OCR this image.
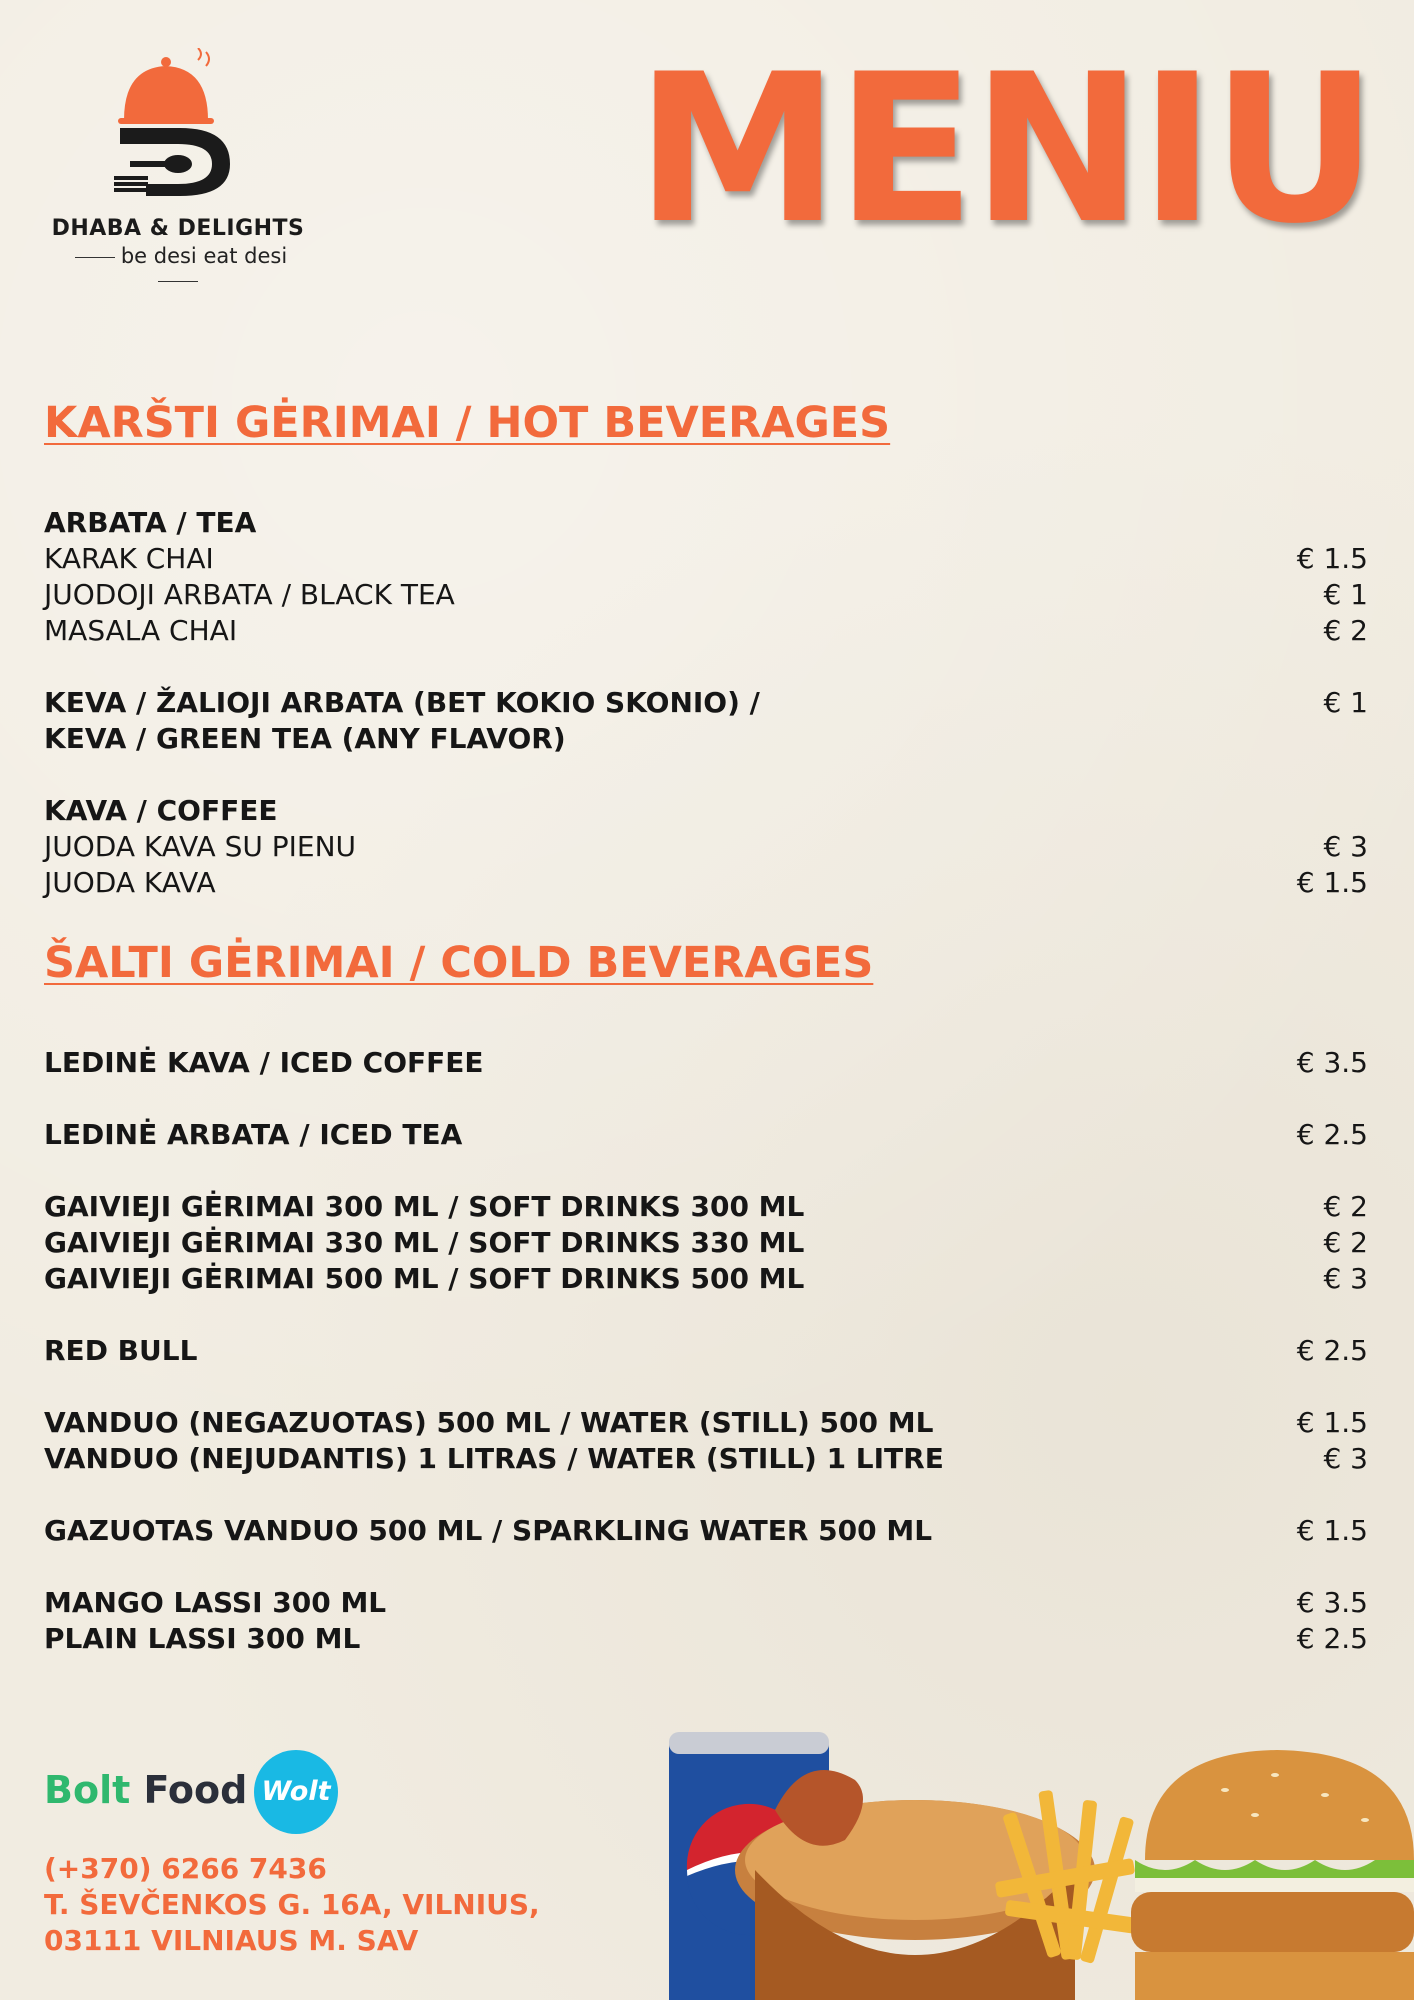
DHABA & DELIGHTS
be desi eat desi MENIU
KARŠTI GĖRIMAI / HOT BEVERAGES
ARBATA / TEA
KARAK CHAI	€ 1.5
JUODOJI ARBATA / BLACK TEA	€ 1
MASALA CHAI	€ 2
KEVA / ŽALIOJI ARBATA (BET KOKIO SKONIO) /	€ 1
KEVA / GREEN TEA (ANY FLAVOR)
KAVA / COFFEE
JUODA KAVA SU PIENU	€ 3
JUODA KAVA	€ 1.5
ŠALTI GĖRIMAI / COLD BEVERAGES
LEDINĖ KAVA / ICED COFFEE	€ 3.5
LEDINĖ ARBATA / ICED TEA	€ 2.5
GAIVIEJI GĖRIMAI 300 ML / SOFT DRINKS 300 ML	€ 2
GAIVIEJI GĖRIMAI 330 ML / SOFT DRINKS 330 ML	€ 2
GAIVIEJI GĖRIMAI 500 ML / SOFT DRINKS 500 ML	€ 3
RED BULL	€ 2.5
VANDUO (NEGAZUOTAS) 500 ML / WATER (STILL) 500 ML	€ 1.5
VANDUO (NEJUDANTIS) 1 LITRAS / WATER (STILL) 1 LITRE	€ 3
GAZUOTAS VANDUO 500 ML / SPARKLING WATER 500 ML	€ 1.5
MANGO LASSI 300 ML	€ 3.5
PLAIN LASSI 300 ML	€ 2.5
Bolt Food Wolt
(+370) 6266 7436
T. ŠEVČENKOS G. 16A, VILNIUS,
03111 VILNIAUS M. SAV
